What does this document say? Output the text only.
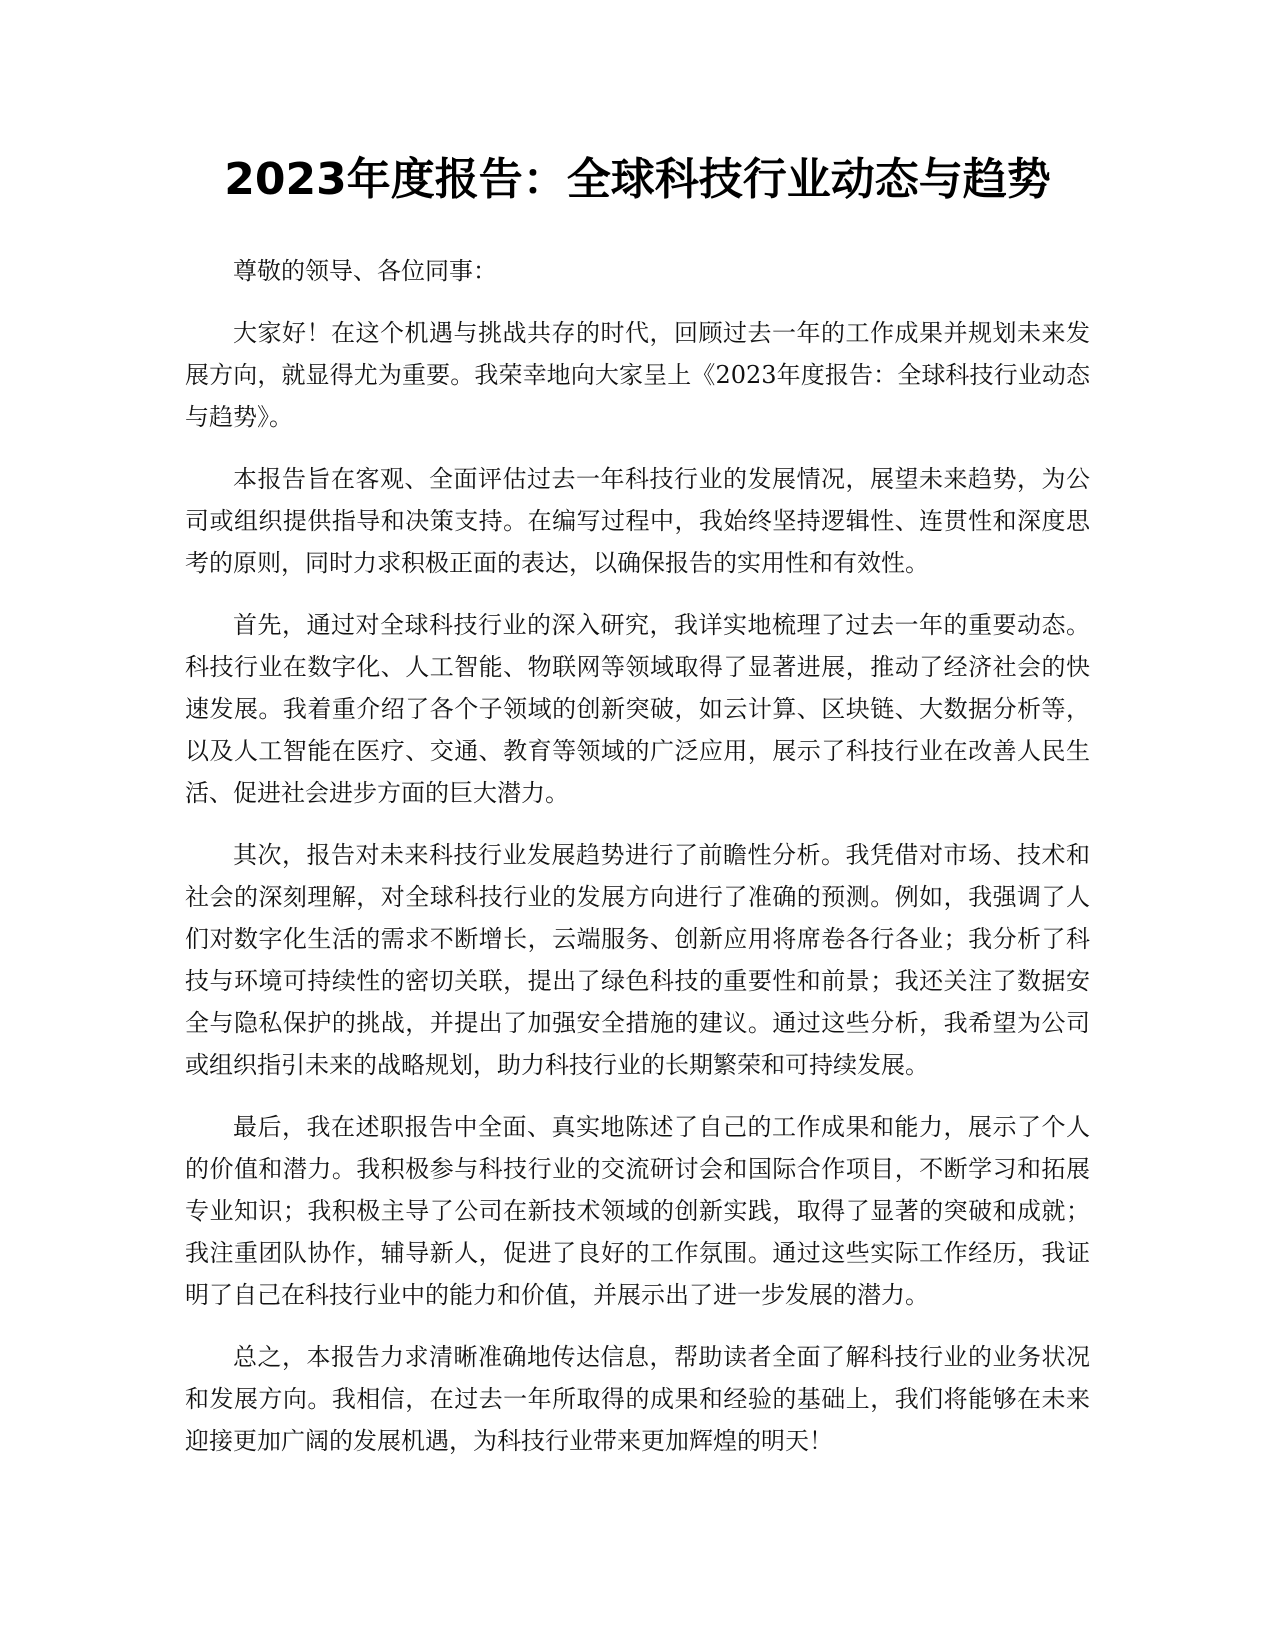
2023年度报告：全球科技行业动态与趋势

尊敬的领导、各位同事：

大家好！在这个机遇与挑战共存的时代，回顾过去一年的工作成果并规划未来发展方向，就显得尤为重要。我荣幸地向大家呈上《2023年度报告：全球科技行业动态与趋势》。

本报告旨在客观、全面评估过去一年科技行业的发展情况，展望未来趋势，为公司或组织提供指导和决策支持。在编写过程中，我始终坚持逻辑性、连贯性和深度思考的原则，同时力求积极正面的表达，以确保报告的实用性和有效性。

首先，通过对全球科技行业的深入研究，我详实地梳理了过去一年的重要动态。科技行业在数字化、人工智能、物联网等领域取得了显著进展，推动了经济社会的快速发展。我着重介绍了各个子领域的创新突破，如云计算、区块链、大数据分析等，以及人工智能在医疗、交通、教育等领域的广泛应用，展示了科技行业在改善人民生活、促进社会进步方面的巨大潜力。

其次，报告对未来科技行业发展趋势进行了前瞻性分析。我凭借对市场、技术和社会的深刻理解，对全球科技行业的发展方向进行了准确的预测。例如，我强调了人们对数字化生活的需求不断增长，云端服务、创新应用将席卷各行各业；我分析了科技与环境可持续性的密切关联，提出了绿色科技的重要性和前景；我还关注了数据安全与隐私保护的挑战，并提出了加强安全措施的建议。通过这些分析，我希望为公司或组织指引未来的战略规划，助力科技行业的长期繁荣和可持续发展。

最后，我在述职报告中全面、真实地陈述了自己的工作成果和能力，展示了个人的价值和潜力。我积极参与科技行业的交流研讨会和国际合作项目，不断学习和拓展专业知识；我积极主导了公司在新技术领域的创新实践，取得了显著的突破和成就；我注重团队协作，辅导新人，促进了良好的工作氛围。通过这些实际工作经历，我证明了自己在科技行业中的能力和价值，并展示出了进一步发展的潜力。

总之，本报告力求清晰准确地传达信息，帮助读者全面了解科技行业的业务状况和发展方向。我相信，在过去一年所取得的成果和经验的基础上，我们将能够在未来迎接更加广阔的发展机遇，为科技行业带来更加辉煌的明天！
